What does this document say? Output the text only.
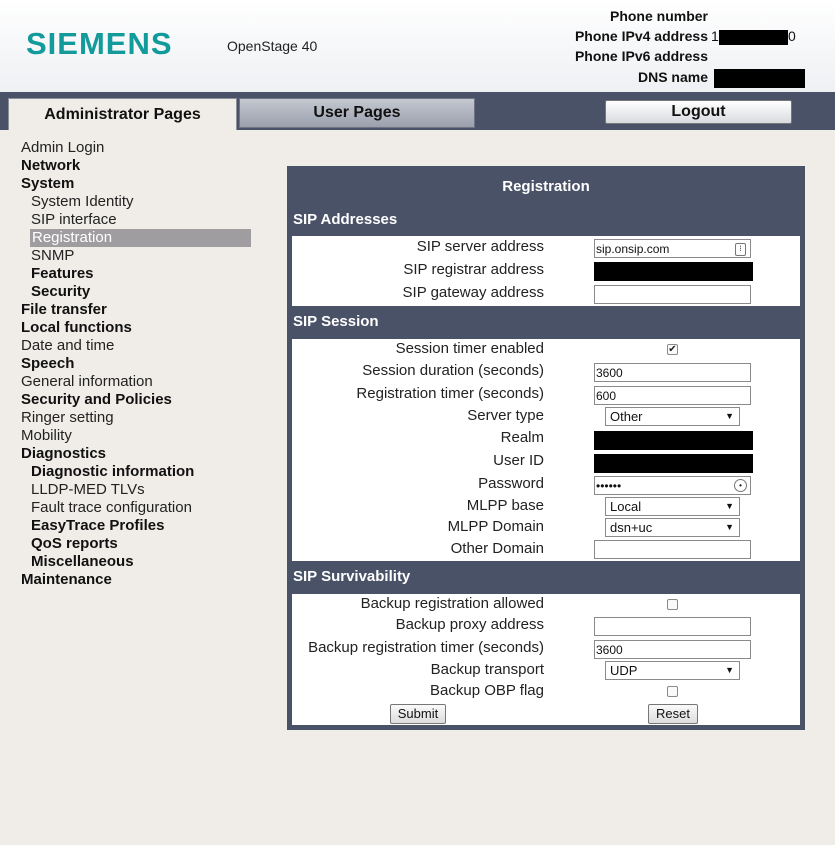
SIEMENS	OpenStage 40
Phone number
Phone IPv4 address 1	0
Phone IPv6 address
DNS name
Administrator Pages	User Pages	Logout
Admin Login
Network
System
System Identity
SIP interface
Registration
SNMP
Features
Security
File transfer
Local functions
Date and time
Speech
General information
Security and Policies
Ringer setting
Mobility
Diagnostics
Diagnostic information
LLDP-MED TLVs
Fault trace configuration
EasyTrace Profiles
QoS reports
Miscellaneous
Maintenance
Registration
SIP Addresses
SIP server address	sip.onsip.com	⁝
SIP registrar address
SIP gateway address
SIP Session
Session timer enabled	✔
Session duration (seconds)	3600
Registration timer (seconds)	600
Server type	Other	▼
Realm
User ID
Password	••••••	•
MLPP base	Local	▼
MLPP Domain	dsn+uc	▼
Other Domain
SIP Survivability
Backup registration allowed
Backup proxy address
Backup registration timer (seconds)	3600
Backup transport	UDP	▼
Backup OBP flag
Submit	Reset
